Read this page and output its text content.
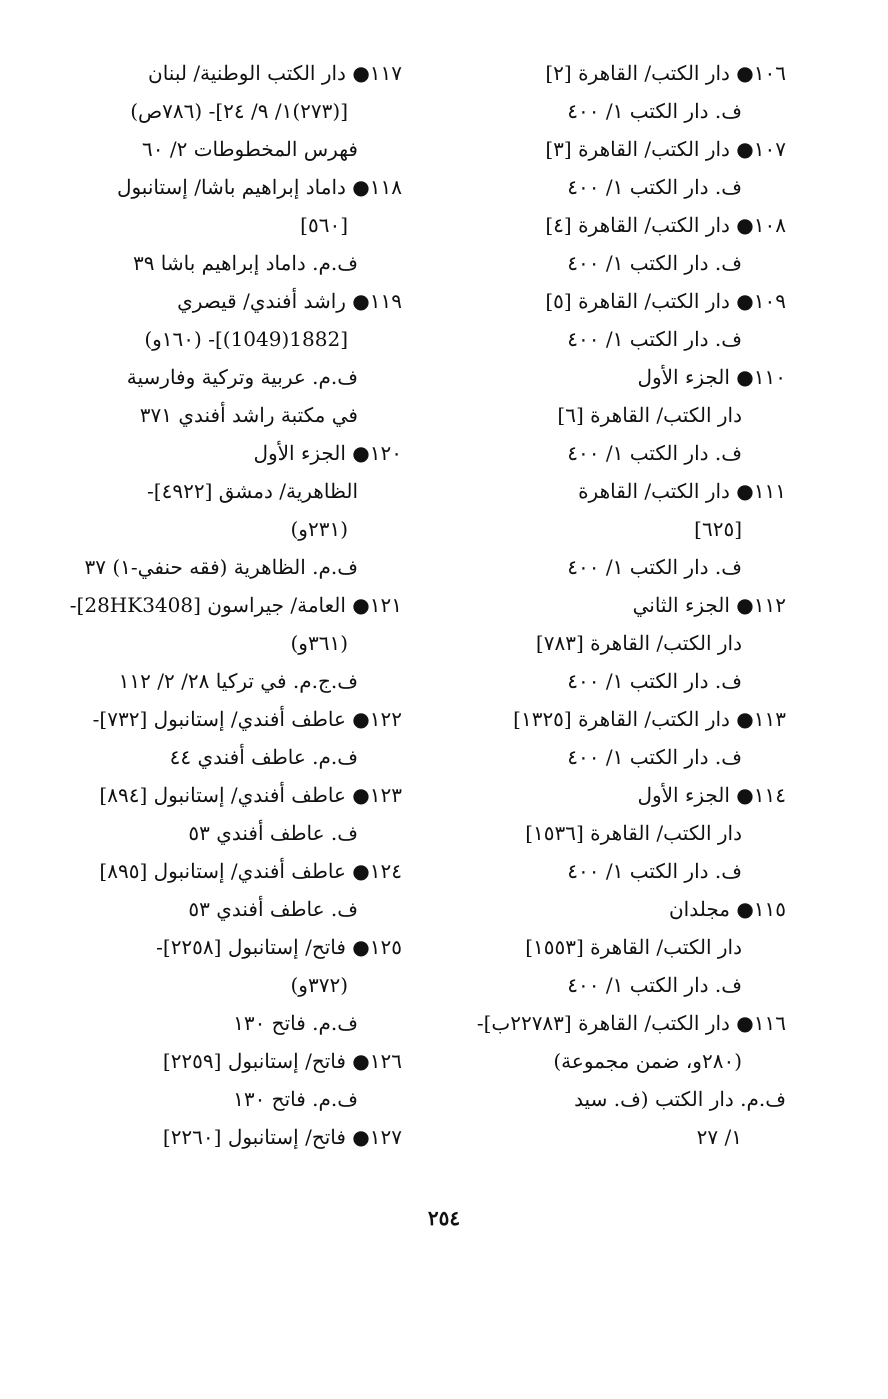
١٠٦● دار الكتب/ القاهرة [٢]
ف. دار الكتب ١/ ٤٠٠
١٠٧● دار الكتب/ القاهرة [٣]
ف. دار الكتب ١/ ٤٠٠
١٠٨● دار الكتب/ القاهرة [٤]
ف. دار الكتب ١/ ٤٠٠
١٠٩● دار الكتب/ القاهرة [٥]
ف. دار الكتب ١/ ٤٠٠
١١٠● الجزء الأول
دار الكتب/ القاهرة [٦]
ف. دار الكتب ١/ ٤٠٠
١١١● دار الكتب/ القاهرة
[٦٢٥]
ف. دار الكتب ١/ ٤٠٠
١١٢● الجزء الثاني
دار الكتب/ القاهرة [٧٨٣]
ف. دار الكتب ١/ ٤٠٠
١١٣● دار الكتب/ القاهرة [١٣٢٥]
ف. دار الكتب ١/ ٤٠٠
١١٤● الجزء الأول
دار الكتب/ القاهرة [١٥٣٦]
ف. دار الكتب ١/ ٤٠٠
١١٥● مجلدان
دار الكتب/ القاهرة [١٥٥٣]
ف. دار الكتب ١/ ٤٠٠
١١٦● دار الكتب/ القاهرة [٢٢٧٨٣ب]-
(٢٨٠و، ضمن مجموعة)
ف.م. دار الكتب (ف. سيد
١/ ٢٧
١١٧● دار الكتب الوطنية/ لبنان
[(٢٧٣)١/ ٩/ ٢٤]- (٧٨٦ص)
فهرس المخطوطات ٢/ ٦٠
١١٨● داماد إبراهيم باشا/ إستانبول
[٥٦٠]
ف.م. داماد إبراهيم باشا ٣٩
١١٩● راشد أفندي/ قيصري
[1882(1049)]- (١٦٠و)
ف.م. عربية وتركية وفارسية
في مكتبة راشد أفندي ٣٧١
١٢٠● الجزء الأول
الظاهرية/ دمشق [٤٩٢٢]-
(٢٣١و)
ف.م. الظاهرية (فقه حنفي-١) ٣٧
١٢١● العامة/ جيراسون [28HK3408]-
(٣٦١و)
ف.ج.م. في تركيا ٢٨/ ٢/ ١١٢
١٢٢● عاطف أفندي/ إستانبول [٧٣٢]-
ف.م. عاطف أفندي ٤٤
١٢٣● عاطف أفندي/ إستانبول [٨٩٤]
ف. عاطف أفندي ٥٣
١٢٤● عاطف أفندي/ إستانبول [٨٩٥]
ف. عاطف أفندي ٥٣
١٢٥● فاتح/ إستانبول [٢٢٥٨]-
(٣٧٢و)
ف.م. فاتح ١٣٠
١٢٦● فاتح/ إستانبول [٢٢٥٩]
ف.م. فاتح ١٣٠
١٢٧● فاتح/ إستانبول [٢٢٦٠]
٢٥٤
